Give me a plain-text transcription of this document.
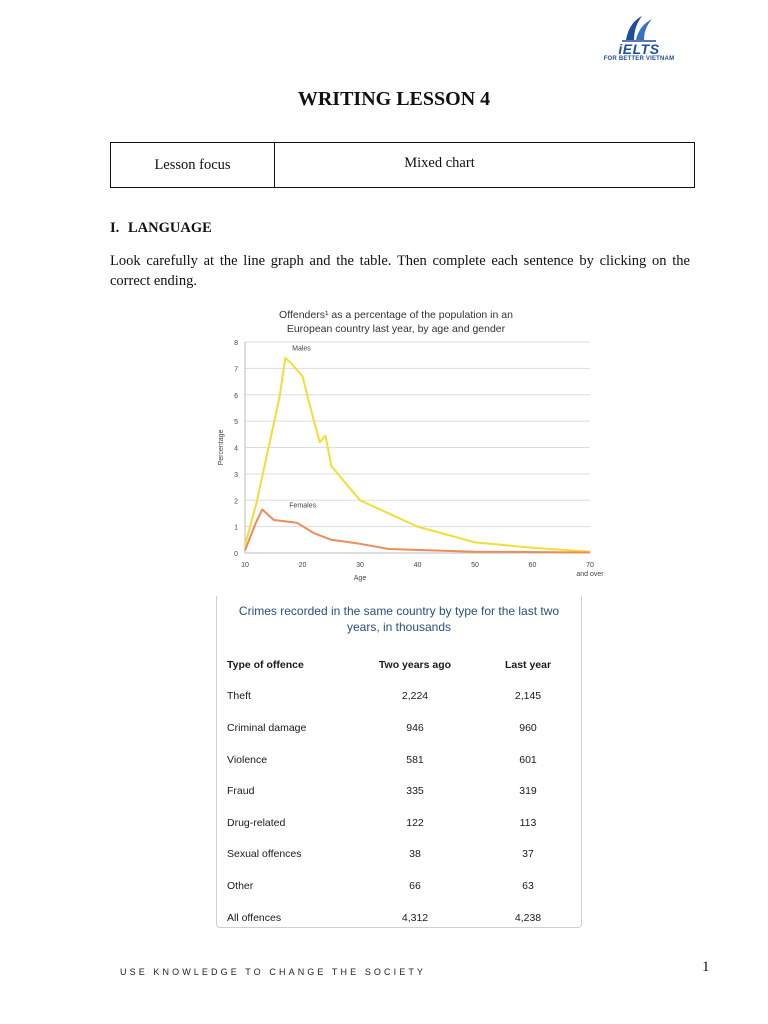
iELTS
FOR BETTER VIETNAM
WRITING LESSON 4
Lesson focus	Mixed chart
I. LANGUAGE

Look carefully at the line graph and the table. Then complete each sentence by clicking on the correct ending.

Offenders¹ as a percentage of the population in an
European country last year, by age and gender
0
1
2
3
4
5
6
7
8
10	20	30	40	50	60	70
and over
Age
Percentage
Males
Females
Crimes recorded in the same country by type for the last two years, in thousands
Type of offence	Two years ago	Last year
Theft	2,224	2,145
Criminal damage	946	960
Violence	581	601
Fraud	335	319
Drug-related	122	113
Sexual offences	38	37
Other	66	63
All offences	4,312	4,238

USE KNOWLEDGE TO CHANGE THE SOCIETY	1
